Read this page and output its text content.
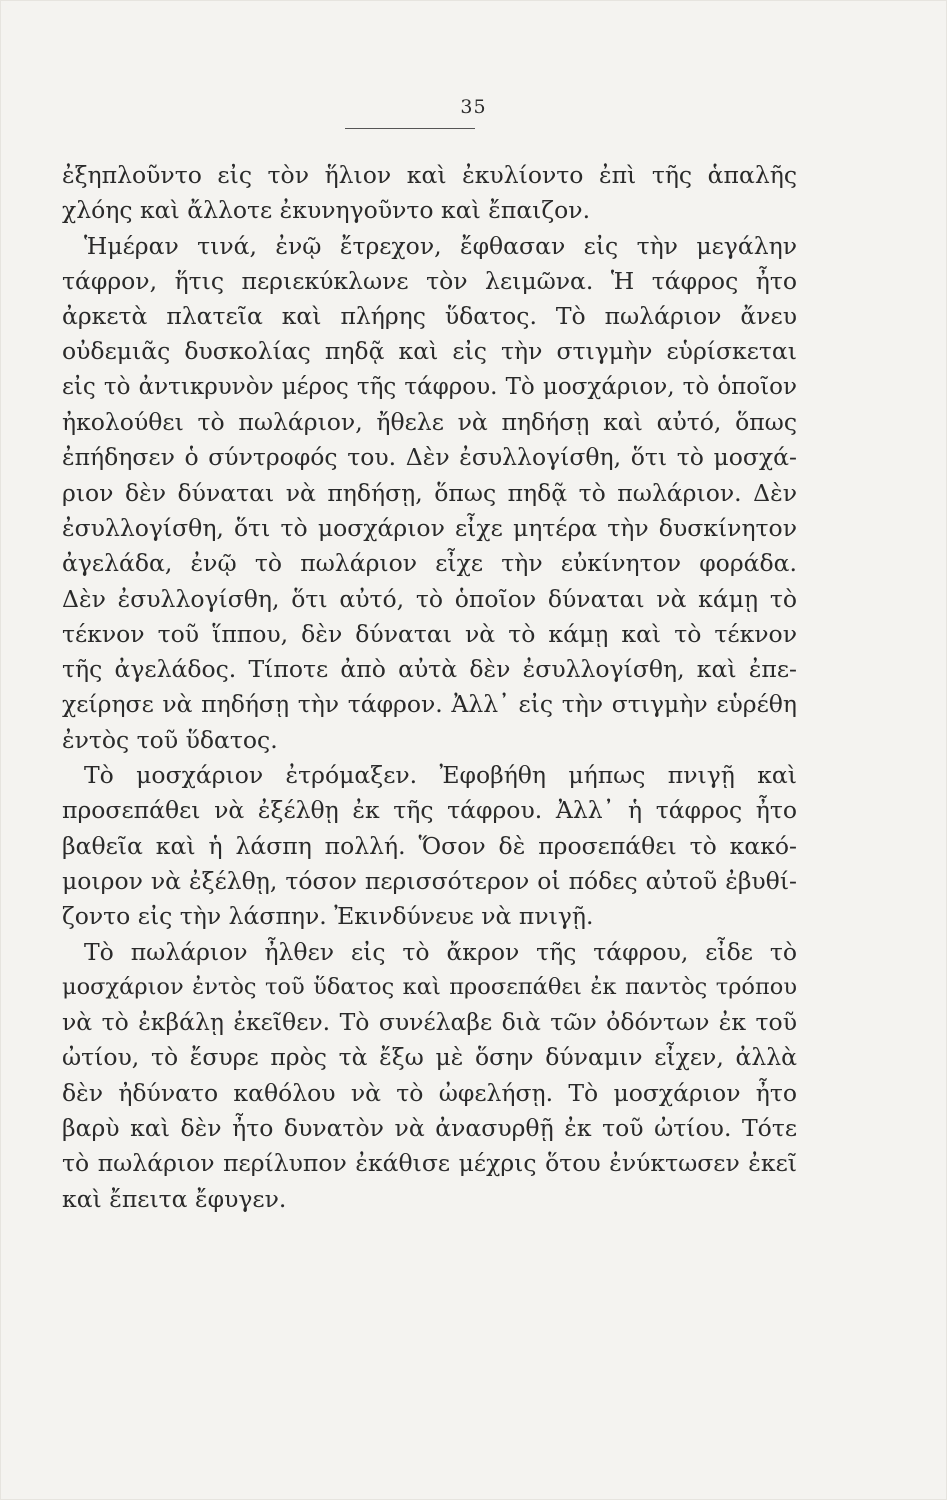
35
ἐξηπλοῦντο εἰς τὸν ἥλιον καὶ ἐκυλίοντο ἐπὶ τῆς ἁπαλῆς
χλόης καὶ ἄλλοτε ἐκυνηγοῦντο καὶ ἔπαιζον.
Ἡμέραν τινά, ἐνῷ ἔτρεχον, ἔφθασαν εἰς τὴν μεγάλην
τάφρον, ἥτις περιεκύκλωνε τὸν λειμῶνα. Ἡ τάφρος ἦτο
ἀρκετὰ πλατεῖα καὶ πλήρης ὕδατος. Τὸ πωλάριον ἄνευ
οὐδεμιᾶς δυσκολίας πηδᾷ καὶ εἰς τὴν στιγμὴν εὑρίσκεται
εἰς τὸ ἀντικρυνὸν μέρος τῆς τάφρου. Τὸ μοσχάριον, τὸ ὁποῖον
ἠκολούθει τὸ πωλάριον, ἤθελε νὰ πηδήσῃ καὶ αὐτό, ὅπως
ἐπήδησεν ὁ σύντροφός του. Δὲν ἐσυλλογίσθη, ὅτι τὸ μοσχά-
ριον δὲν δύναται νὰ πηδήσῃ, ὅπως πηδᾷ τὸ πωλάριον. Δὲν
ἐσυλλογίσθη, ὅτι τὸ μοσχάριον εἶχε μητέρα τὴν δυσκίνητον
ἀγελάδα, ἐνῷ τὸ πωλάριον εἶχε τὴν εὐκίνητον φοράδα.
Δὲν ἐσυλλογίσθη, ὅτι αὐτό, τὸ ὁποῖον δύναται νὰ κάμῃ τὸ
τέκνον τοῦ ἵππου, δὲν δύναται νὰ τὸ κάμῃ καὶ τὸ τέκνον
τῆς ἀγελάδος. Τίποτε ἀπὸ αὐτὰ δὲν ἐσυλλογίσθη, καὶ ἐπε-
χείρησε νὰ πηδήσῃ τὴν τάφρον. Ἀλλ᾽ εἰς τὴν στιγμὴν εὑρέθη
ἐντὸς τοῦ ὕδατος.
Τὸ μοσχάριον ἐτρόμαξεν. Ἐφοβήθη μήπως πνιγῇ καὶ
προσεπάθει νὰ ἐξέλθῃ ἐκ τῆς τάφρου. Ἀλλ᾽ ἡ τάφρος ἦτο
βαθεῖα καὶ ἡ λάσπη πολλή. Ὅσον δὲ προσεπάθει τὸ κακό-
μοιρον νὰ ἐξέλθῃ, τόσον περισσότερον οἱ πόδες αὐτοῦ ἐβυθί-
ζοντο εἰς τὴν λάσπην. Ἐκινδύνευε νὰ πνιγῇ.
Τὸ πωλάριον ἦλθεν εἰς τὸ ἄκρον τῆς τάφρου, εἶδε τὸ
μοσχάριον ἐντὸς τοῦ ὕδατος καὶ προσεπάθει ἐκ παντὸς τρόπου
νὰ τὸ ἐκβάλῃ ἐκεῖθεν. Τὸ συνέλαβε διὰ τῶν ὀδόντων ἐκ τοῦ
ὠτίου, τὸ ἔσυρε πρὸς τὰ ἔξω μὲ ὅσην δύναμιν εἶχεν, ἀλλὰ
δὲν ἠδύνατο καθόλου νὰ τὸ ὠφελήσῃ. Τὸ μοσχάριον ἦτο
βαρὺ καὶ δὲν ἦτο δυνατὸν νὰ ἀνασυρθῇ ἐκ τοῦ ὠτίου. Τότε
τὸ πωλάριον περίλυπον ἐκάθισε μέχρις ὅτου ἐνύκτωσεν ἐκεῖ
καὶ ἔπειτα ἔφυγεν.
